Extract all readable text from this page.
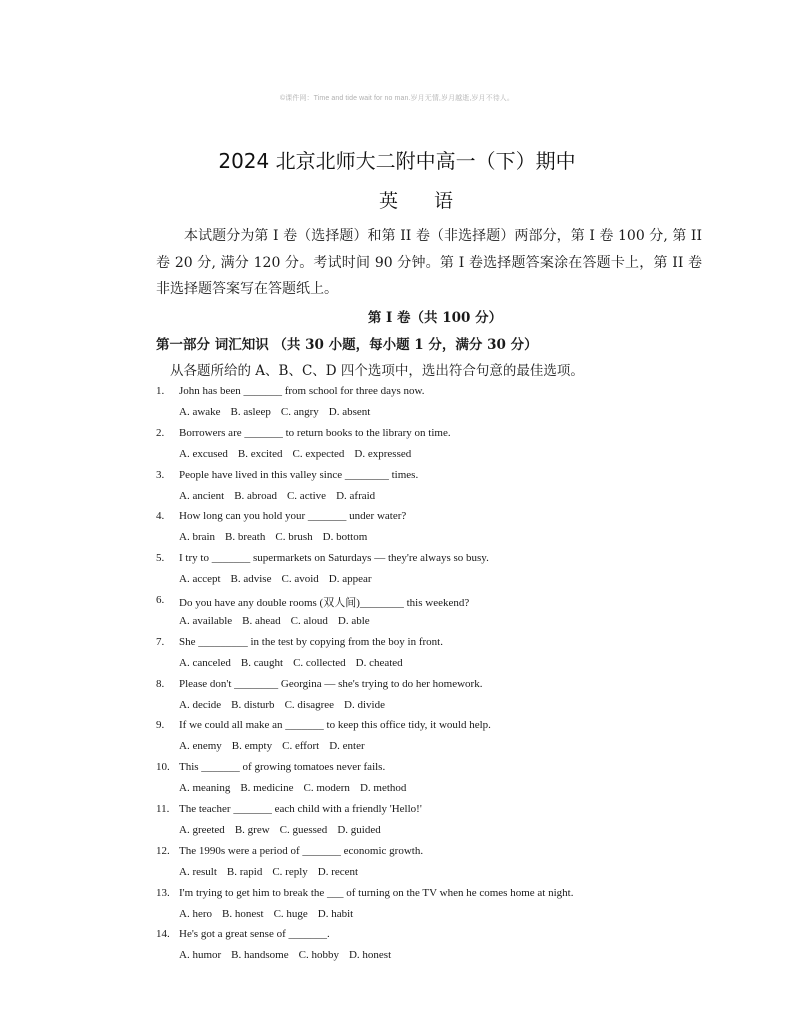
©课件网：Time and tide wait for no man.岁月无情,岁月越逝,岁月不待人。
2024 北京北师大二附中高一（下）期中
英语
本试题分为第 I 卷（选择题）和第 II 卷（非选择题）两部分，第 I 卷 100 分, 第 II 卷 20 分, 满分 120 分。考试时间 90 分钟。第 I 卷选择题答案涂在答题卡上，第 II 卷非选择题答案写在答题纸上。
第 I 卷（共 100 分）
第一部分 词汇知识 （共 30 小题，每小题 1 分，满分 30 分）
从各题所给的 A、B、C、D 四个选项中，选出符合句意的最佳选项。
1.	John has been _______ from school for three days now.
A. awake B. asleep C. angry D. absent
2.	Borrowers are _______ to return books to the library on time.
A. excused B. excited C. expected D. expressed
3.	People have lived in this valley since ________ times.
A. ancient B. abroad C. active D. afraid
4.	How long can you hold your _______ under water?
A. brain B. breath C. brush D. bottom
5.	I try to _______ supermarkets on Saturdays — they're always so busy.
A. accept B. advise C. avoid D. appear
6.	Do you have any double rooms (双人间)________ this weekend?
A. available B. ahead C. aloud D. able
7.	She _________ in the test by copying from the boy in front.
A. canceled B. caught C. collected D. cheated
8.	Please don't ________ Georgina — she's trying to do her homework.
A. decide B. disturb C. disagree D. divide
9.	If we could all make an _______ to keep this office tidy, it would help.
A. enemy B. empty C. effort D. enter
10. This _______ of growing tomatoes never fails.
A. meaning B. medicine C. modern D. method
11. The teacher _______ each child with a friendly 'Hello!'
A. greeted B. grew C. guessed D. guided
12. The 1990s were a period of _______ economic growth.
A. result B. rapid C. reply D. recent
13. I'm trying to get him to break the ___ of turning on the TV when he comes home at night.
A. hero B. honest C. huge D. habit
14. He's got a great sense of _______.
A. humor B. handsome C. hobby D. honest
